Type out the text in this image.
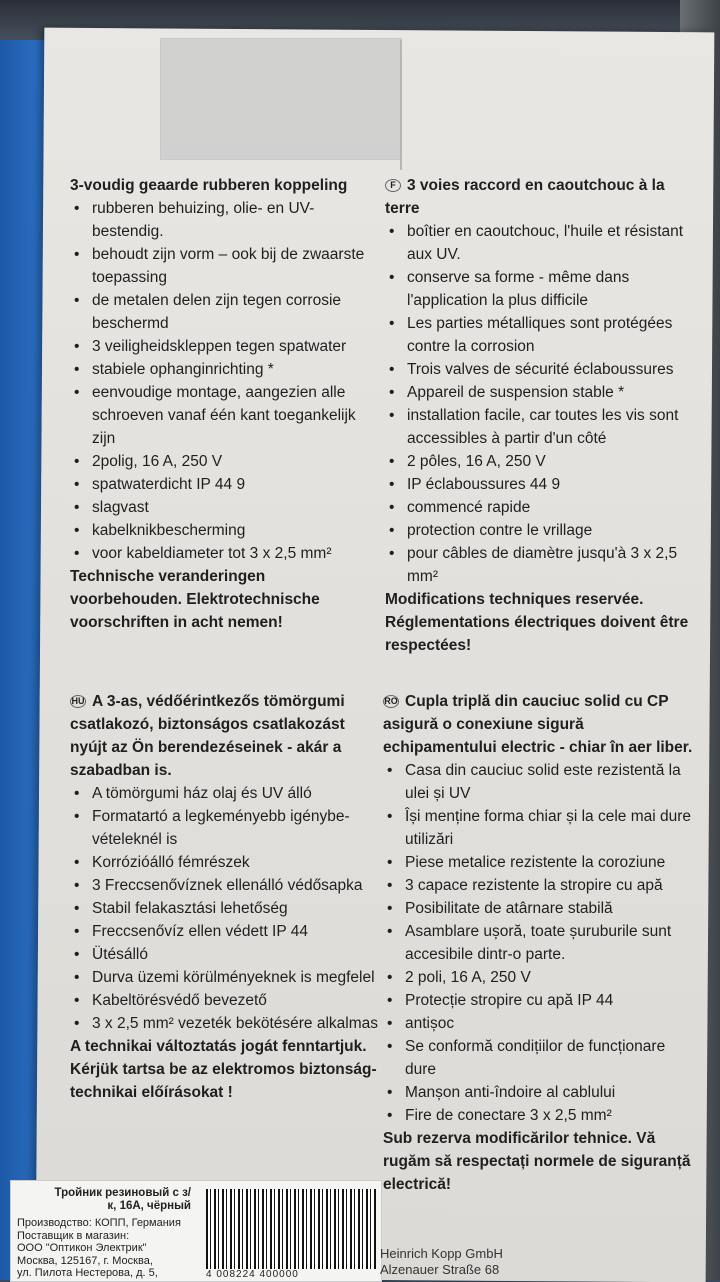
3-voudig geaarde rubberen koppeling
• rubberen behuizing, olie- en UV-bestendig.
• behoudt zijn vorm – ook bij de zwaarste toepassing
• de metalen delen zijn tegen corrosie beschermd
• 3 veiligheidskleppen tegen spatwater
• stabiele ophanginrichting *
• eenvoudige montage, aangezien alle schroeven vanaf één kant toegankelijk zijn
• 2polig, 16 A, 250 V
• spatwaterdicht IP 44 9
• slagvast
• kabelknikbescherming
• voor kabeldiameter tot 3 x 2,5 mm²
Technische veranderingen voorbehouden. Elektrotechnische voorschriften in acht nemen!
F 3 voies raccord en caoutchouc à la terre
• boîtier en caoutchouc, l'huile et résistant aux UV.
• conserve sa forme - même dans l'application la plus difficile
• Les parties métalliques sont protégées contre la corrosion
• Trois valves de sécurité éclaboussures
• Appareil de suspension stable *
• installation facile, car toutes les vis sont accessibles à partir d'un côté
• 2 pôles, 16 A, 250 V
• IP éclaboussures 44 9
• commencé rapide
• protection contre le vrillage
• pour câbles de diamètre jusqu'à 3 x 2,5 mm²
Modifications techniques reservée. Réglementations électriques doivent être respectées!
HU A 3-as, védőérintkezős tömörgumi csatlakozó, biztonságos csatlakozást nyújt az Ön berendezéseinek - akár a szabadban is.
• A tömörgumi ház olaj és UV álló
• Formatartó a legkeményebb igénybe-vételeknél is
• Korrózióálló fémrészek
• 3 Freccsenővíznek ellenálló védősapka
• Stabil felakasztási lehetőség
• Freccsenővíz ellen védett IP 44
• Ütésálló
• Durva üzemi körülményeknek is megfelel
• Kabeltörésvédő bevezető
• 3 x 2,5 mm² vezeték bekötésére alkalmas
A technikai változtatás jogát fenntartjuk. Kérjük tartsa be az elektromos biztonság-technikai előírásokat !
RO Cupla triplă din cauciuc solid cu CP asigură o conexiune sigură echipamentului electric - chiar în aer liber.
• Casa din cauciuc solid este rezistentă la ulei și UV
• Își menține forma chiar și la cele mai dure utilizări
• Piese metalice rezistente la coroziune
• 3 capace rezistente la stropire cu apă
• Posibilitate de atârnare stabilă
• Asamblare ușoră, toate șuruburile sunt accesibile dintr-o parte.
• 2 poli, 16 A, 250 V
• Protecție stropire cu apă IP 44
• antișoc
• Se conformă condițiilor de funcționare dure
• Manșon anti-îndoire al cablului
• Fire de conectare 3 x 2,5 mm²
Sub rezerva modificărilor tehnice. Vă rugăm să respectați normele de siguranță electrică!
Тройник резиновый с з/к, 16А, чёрный
Производство: КОПП, Германия
Поставщик в магазин:
ООО "Оптикон Электрик"
Москва, 125167, г. Москва,
ул. Пилота Нестерова, д. 5,	4 008224 400000
Heinrich Kopp GmbH
Alzenauer Straße 68
